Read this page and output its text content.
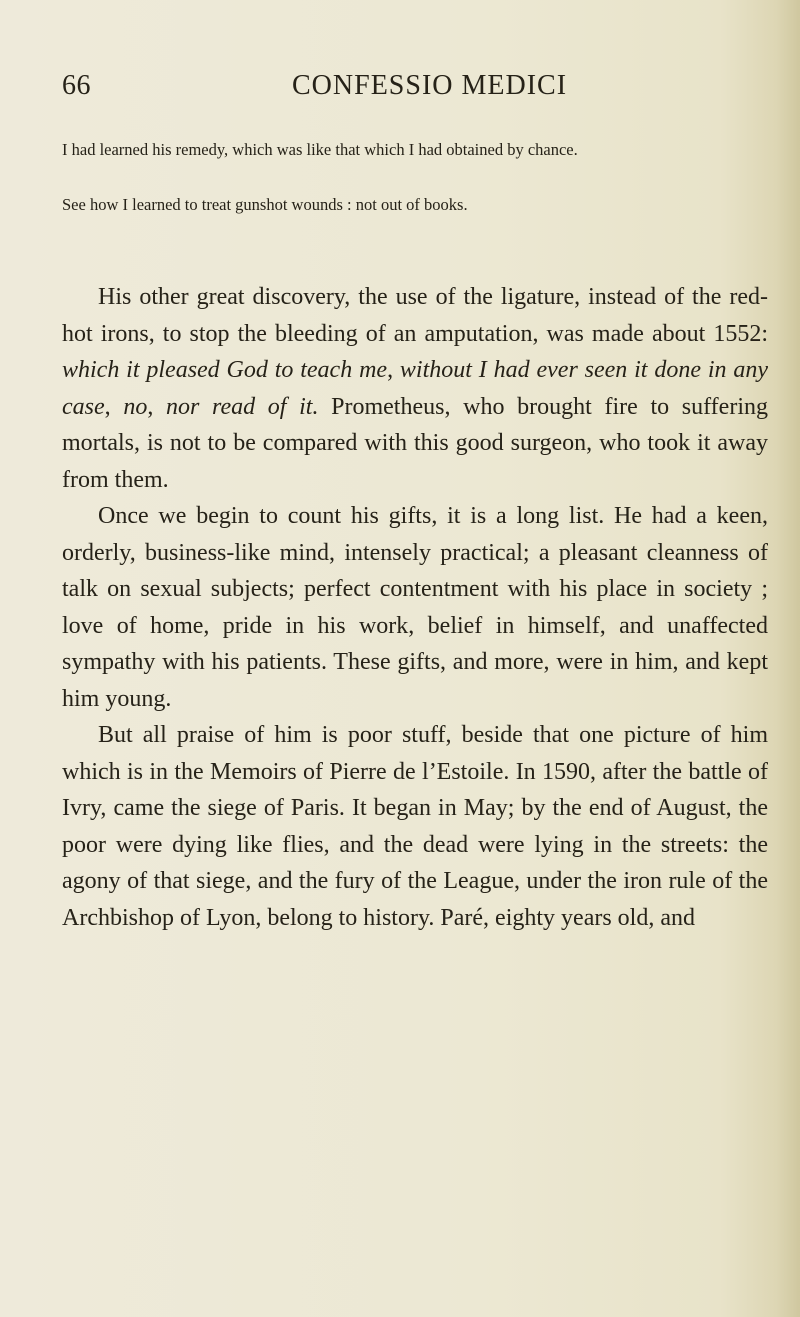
66	CONFESSIO MEDICI

I had learned his remedy, which was like that which I had obtained by chance.

See how I learned to treat gunshot wounds : not out of books.

His other great discovery, the use of the ligature, instead of the red-hot irons, to stop the bleeding of an amputation, was made about 1552: which it pleased God to teach me, without I had ever seen it done in any case, no, nor read of it. Prometheus, who brought fire to suffering mortals, is not to be compared with this good surgeon, who took it away from them.

Once we begin to count his gifts, it is a long list. He had a keen, orderly, business-like mind, intensely practical; a pleasant cleanness of talk on sexual subjects; perfect contentment with his place in society ; love of home, pride in his work, belief in himself, and unaffected sympathy with his patients. These gifts, and more, were in him, and kept him young.

But all praise of him is poor stuff, beside that one picture of him which is in the Memoirs of Pierre de l’Estoile. In 1590, after the battle of Ivry, came the siege of Paris. It began in May; by the end of August, the poor were dying like flies, and the dead were lying in the streets: the agony of that siege, and the fury of the League, under the iron rule of the Archbishop of Lyon, belong to history. Paré, eighty years old, and
